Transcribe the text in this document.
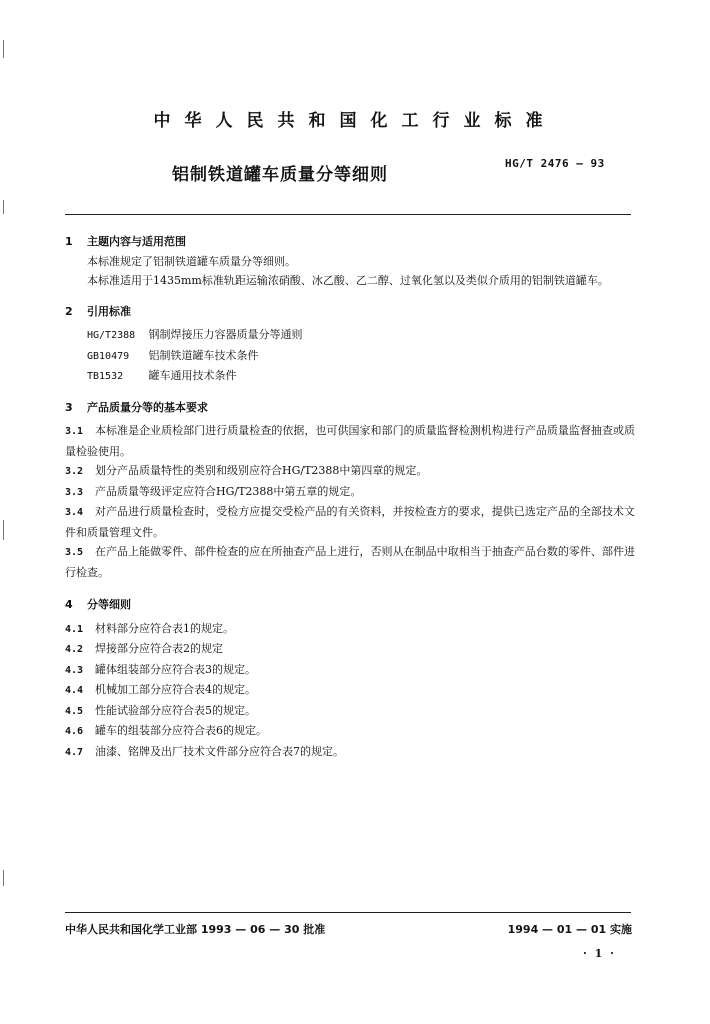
中华人民共和国化工行业标准
铝制铁道罐车质量分等细则
HG/T 2476 — 93
1 主题内容与适用范围

本标准规定了铝制铁道罐车质量分等细则。

本标准适用于1435mm标准轨距运输浓硝酸、冰乙酸、乙二醇、过氧化氢以及类似介质用的铝制铁道罐车。

2 引用标准

HG/T2388 钢制焊接压力容器质量分等通则

GB10479 铝制铁道罐车技术条件

TB1532 罐车通用技术条件

3 产品质量分等的基本要求

3.1 本标准是企业质检部门进行质量检查的依据，也可供国家和部门的质量监督检测机构进行产品质量监督抽查或质量检验使用。

3.2 划分产品质量特性的类别和级别应符合HG/T2388中第四章的规定。

3.3 产品质量等级评定应符合HG/T2388中第五章的规定。

3.4 对产品进行质量检查时，受检方应提交受检产品的有关资料，并按检查方的要求，提供已选定产品的全部技术文件和质量管理文件。

3.5 在产品上能做零件、部件检查的应在所抽查产品上进行，否则从在制品中取相当于抽查产品台数的零件、部件进行检查。

4 分等细则

4.1 材料部分应符合表1的规定。

4.2 焊接部分应符合表2的规定

4.3 罐体组装部分应符合表3的规定。

4.4 机械加工部分应符合表4的规定。

4.5 性能试验部分应符合表5的规定。

4.6 罐车的组装部分应符合表6的规定。

4.7 油漆、铭牌及出厂技术文件部分应符合表7的规定。

中华人民共和国化学工业部 1993 — 06 — 30 批准	1994 — 01 — 01 实施
· 1 ·
